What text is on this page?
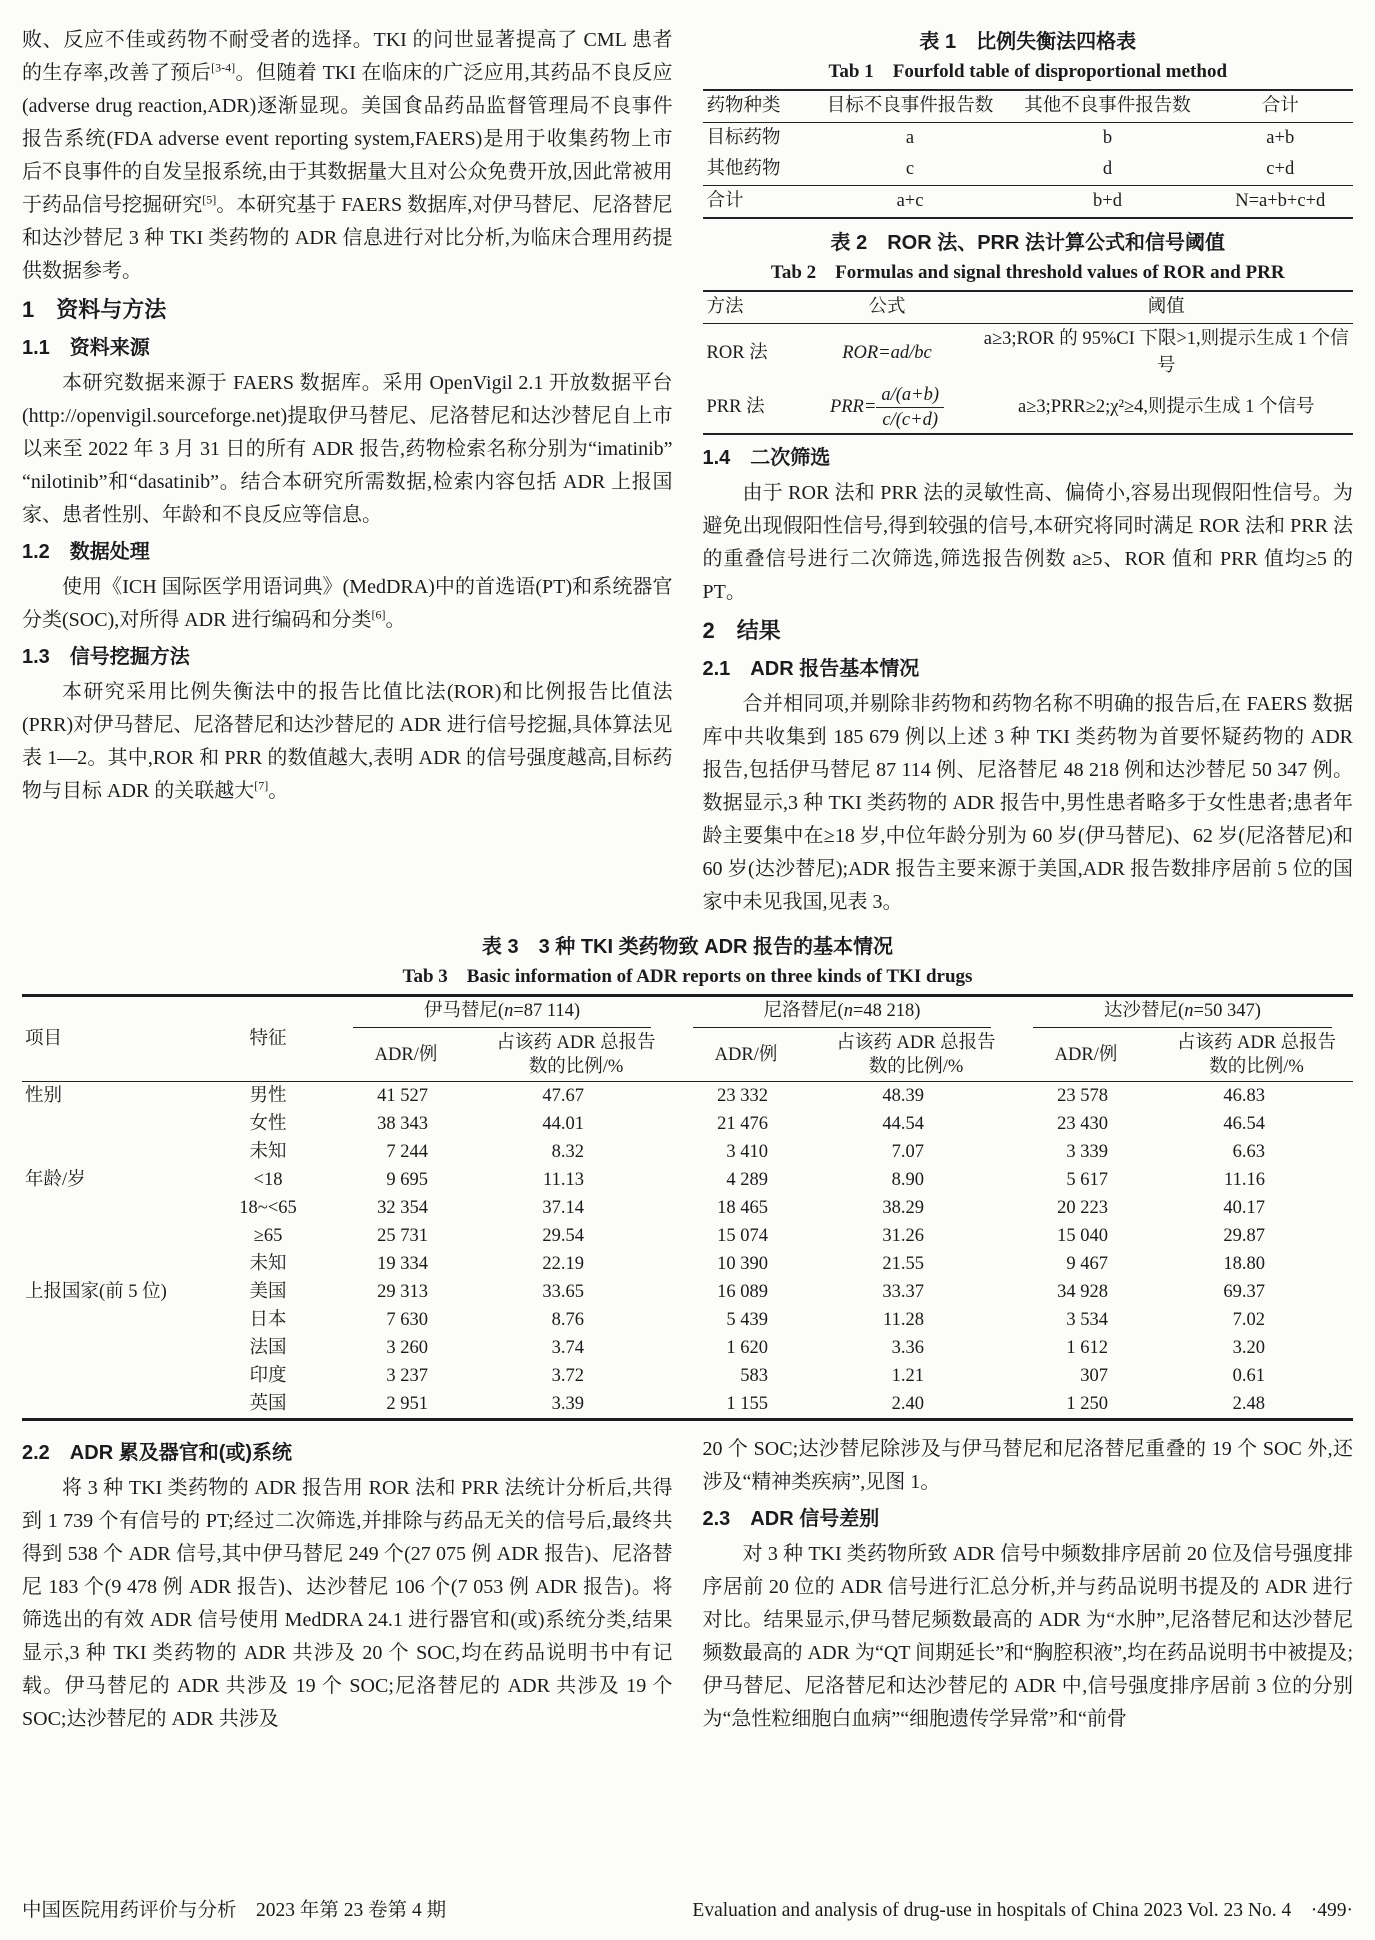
败、反应不佳或药物不耐受者的选择。TKI 的问世显著提高了 CML 患者的生存率,改善了预后[3-4]。但随着 TKI 在临床的广泛应用,其药品不良反应(adverse drug reaction,ADR)逐渐显现。美国食品药品监督管理局不良事件报告系统(FDA adverse event reporting system,FAERS)是用于收集药物上市后不良事件的自发呈报系统,由于其数据量大且对公众免费开放,因此常被用于药品信号挖掘研究[5]。本研究基于 FAERS 数据库,对伊马替尼、尼洛替尼和达沙替尼 3 种 TKI 类药物的 ADR 信息进行对比分析,为临床合理用药提供数据参考。

1　资料与方法
1.1　资料来源

本研究数据来源于 FAERS 数据库。采用 OpenVigil 2.1 开放数据平台(http://openvigil.sourceforge.net)提取伊马替尼、尼洛替尼和达沙替尼自上市以来至 2022 年 3 月 31 日的所有 ADR 报告,药物检索名称分别为“imatinib”“nilotinib”和“dasatinib”。结合本研究所需数据,检索内容包括 ADR 上报国家、患者性别、年龄和不良反应等信息。

1.2　数据处理

使用《ICH 国际医学用语词典》(MedDRA)中的首选语(PT)和系统器官分类(SOC),对所得 ADR 进行编码和分类[6]。

1.3　信号挖掘方法

本研究采用比例失衡法中的报告比值比法(ROR)和比例报告比值法(PRR)对伊马替尼、尼洛替尼和达沙替尼的 ADR 进行信号挖掘,具体算法见表 1—2。其中,ROR 和 PRR 的数值越大,表明 ADR 的信号强度越高,目标药物与目标 ADR 的关联越大[7]。

表 1　比例失衡法四格表
Tab 1　Fourfold table of disproportional method
药物种类	目标不良事件报告数	其他不良事件报告数	合计
目标药物	a	b	a+b
其他药物	c	d	c+d
合计	a+c	b+d	N=a+b+c+d
表 2　ROR 法、PRR 法计算公式和信号阈值
Tab 2　Formulas and signal threshold values of ROR and PRR
方法	公式	阈值
ROR 法	ROR=ad/bc	a≥3;ROR 的 95%CI 下限>1,则提示生成 1 个信号
PRR 法	$PRR= \frac{a/(a+b)}{c/(c+d)}$	a≥3;PRR≥2;χ²≥4,则提示生成 1 个信号
1.4　二次筛选

由于 ROR 法和 PRR 法的灵敏性高、偏倚小,容易出现假阳性信号。为避免出现假阳性信号,得到较强的信号,本研究将同时满足 ROR 法和 PRR 法的重叠信号进行二次筛选,筛选报告例数 a≥5、ROR 值和 PRR 值均≥5 的 PT。

2　结果
2.1　ADR 报告基本情况

合并相同项,并剔除非药物和药物名称不明确的报告后,在 FAERS 数据库中共收集到 185 679 例以上述 3 种 TKI 类药物为首要怀疑药物的 ADR 报告,包括伊马替尼 87 114 例、尼洛替尼 48 218 例和达沙替尼 50 347 例。数据显示,3 种 TKI 类药物的 ADR 报告中,男性患者略多于女性患者;患者年龄主要集中在≥18 岁,中位年龄分别为 60 岁(伊马替尼)、62 岁(尼洛替尼)和 60 岁(达沙替尼);ADR 报告主要来源于美国,ADR 报告数排序居前 5 位的国家中未见我国,见表 3。

表 3　3 种 TKI 类药物致 ADR 报告的基本情况
Tab 3　Basic information of ADR reports on three kinds of TKI drugs
项目	特征	伊马替尼(n=87 114)		尼洛替尼(n=48 218)		达沙替尼(n=50 347)	

		ADR/例	占该药 ADR 总报告数的比例/%	ADR/例	占该药 ADR 总报告数的比例/%	ADR/例	占该药 ADR 总报告数的比例/%
性别	男性	41 527	47.67	23 332	48.39	23 578	46.83
	女性	38 343	44.01	21 476	44.54	23 430	46.54
	未知	7 244	8.32	3 410	7.07	3 339	6.63
年龄/岁	<18	9 695	11.13	4 289	8.90	5 617	11.16
	18~<65	32 354	37.14	18 465	38.29	20 223	40.17
	≥65	25 731	29.54	15 074	31.26	15 040	29.87
	未知	19 334	22.19	10 390	21.55	9 467	18.80
上报国家(前 5 位)	美国	29 313	33.65	16 089	33.37	34 928	69.37
	日本	7 630	8.76	5 439	11.28	3 534	7.02
	法国	3 260	3.74	1 620	3.36	1 612	3.20
	印度	3 237	3.72	583	1.21	307	0.61
	英国	2 951	3.39	1 155	2.40	1 250	2.48
2.2　ADR 累及器官和(或)系统

将 3 种 TKI 类药物的 ADR 报告用 ROR 法和 PRR 法统计分析后,共得到 1 739 个有信号的 PT;经过二次筛选,并排除与药品无关的信号后,最终共得到 538 个 ADR 信号,其中伊马替尼 249 个(27 075 例 ADR 报告)、尼洛替尼 183 个(9 478 例 ADR 报告)、达沙替尼 106 个(7 053 例 ADR 报告)。将筛选出的有效 ADR 信号使用 MedDRA 24.1 进行器官和(或)系统分类,结果显示,3 种 TKI 类药物的 ADR 共涉及 20 个 SOC,均在药品说明书中有记载。伊马替尼的 ADR 共涉及 19 个 SOC;尼洛替尼的 ADR 共涉及 19 个 SOC;达沙替尼的 ADR 共涉及

20 个 SOC;达沙替尼除涉及与伊马替尼和尼洛替尼重叠的 19 个 SOC 外,还涉及“精神类疾病”,见图 1。

2.3　ADR 信号差别

对 3 种 TKI 类药物所致 ADR 信号中频数排序居前 20 位及信号强度排序居前 20 位的 ADR 信号进行汇总分析,并与药品说明书提及的 ADR 进行对比。结果显示,伊马替尼频数最高的 ADR 为“水肿”,尼洛替尼和达沙替尼频数最高的 ADR 为“QT 间期延长”和“胸腔积液”,均在药品说明书中被提及;伊马替尼、尼洛替尼和达沙替尼的 ADR 中,信号强度排序居前 3 位的分别为“急性粒细胞白血病”“细胞遗传学异常”和“前骨

中国医院用药评价与分析　2023 年第 23 卷第 4 期	Evaluation and analysis of drug-use in hospitals of China 2023 Vol. 23 No. 4　·499·
